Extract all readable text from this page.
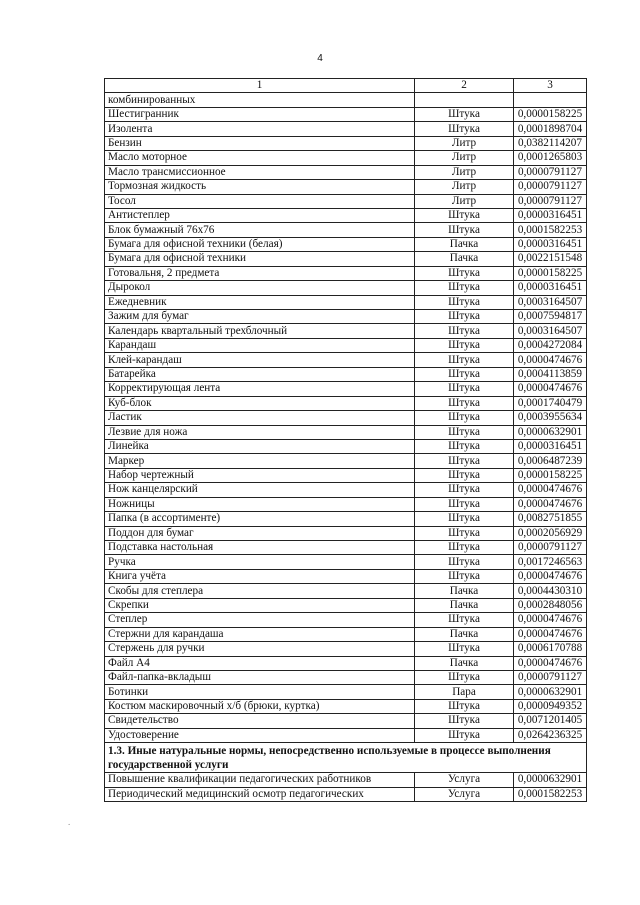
4
1	2	3
комбинированных		
Шестигранник	Штука	0,0000158225
Изолента	Штука	0,0001898704
Бензин	Литр	0,0382114207
Масло моторное	Литр	0,0001265803
Масло трансмиссионное	Литр	0,0000791127
Тормозная жидкость	Литр	0,0000791127
Тосол	Литр	0,0000791127
Антистеплер	Штука	0,0000316451
Блок бумажный 76х76	Штука	0,0001582253
Бумага для офисной техники (белая)	Пачка	0,0000316451
Бумага для офисной техники	Пачка	0,0022151548
Готовальня, 2 предмета	Штука	0,0000158225
Дырокол	Штука	0,0000316451
Ежедневник	Штука	0,0003164507
Зажим для бумаг	Штука	0,0007594817
Календарь квартальный трехблочный	Штука	0,0003164507
Карандаш	Штука	0,0004272084
Клей-карандаш	Штука	0,0000474676
Батарейка	Штука	0,0004113859
Корректирующая лента	Штука	0,0000474676
Куб-блок	Штука	0,0001740479
Ластик	Штука	0,0003955634
Лезвие для ножа	Штука	0,0000632901
Линейка	Штука	0,0000316451
Маркер	Штука	0,0006487239
Набор чертежный	Штука	0,0000158225
Нож канцелярский	Штука	0,0000474676
Ножницы	Штука	0,0000474676
Папка (в ассортименте)	Штука	0,0082751855
Поддон для бумаг	Штука	0,0002056929
Подставка настольная	Штука	0,0000791127
Ручка	Штука	0,0017246563
Книга учёта	Штука	0,0000474676
Скобы для степлера	Пачка	0,0004430310
Скрепки	Пачка	0,0002848056
Степлер	Штука	0,0000474676
Стержни для карандаша	Пачка	0,0000474676
Стержень для ручки	Штука	0,0006170788
Файл А4	Пачка	0,0000474676
Файл-папка-вкладыш	Штука	0,0000791127
Ботинки	Пара	0,0000632901
Костюм маскировочный х/б (брюки, куртка)	Штука	0,0000949352
Свидетельство	Штука	0,0071201405
Удостоверение	Штука	0,0264236325
1.3. Иные натуральные нормы, непосредственно используемые в процессе выполнения государственной услуги		
Повышение квалификации педагогических работников	Услуга	0,0000632901
Периодический медицинский осмотр педагогических	Услуга	0,0001582253
.
